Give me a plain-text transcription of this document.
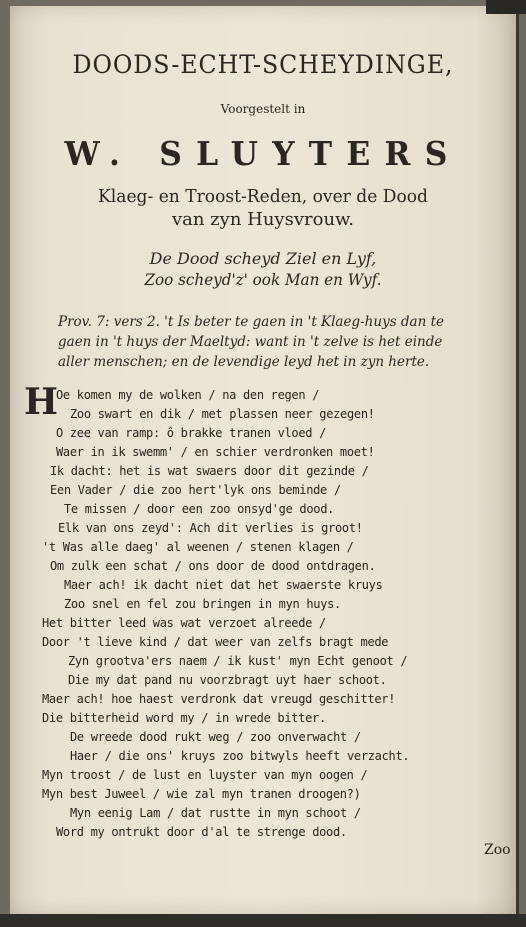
DOODS-ECHT-SCHEYDINGE,
Voorgestelt in
W. SLUYTERS
Klaeg- en Troost-Reden, over de Dood
van zyn Huysvrouw.
De Dood scheyd Ziel en Lyf,
Zoo scheyd'z' ook Man en Wyf.
Prov. 7: vers 2. 't Is beter te gaen in 't Klaeg-huys dan te
gaen in 't huys der Maeltyd: want in 't zelve is het einde
aller menschen; en de levendige leyd het in zyn herte.
H
Oe komen my de wolken / na den regen /
Zoo swart en dik / met plassen neer gezegen!
O zee van ramp: ô brakke tranen vloed /
Waer in ik swemm' / en schier verdronken moet!
Ik dacht: het is wat swaers door dit gezinde /
Een Vader / die zoo hert'lyk ons beminde /
Te missen / door een zoo onsyd'ge dood.
Elk van ons zeyd': Ach dit verlies is groot!
't Was alle daeg' al weenen / stenen klagen /
Om zulk een schat / ons door de dood ontdragen.
Maer ach! ik dacht niet dat het swaerste kruys
Zoo snel en fel zou bringen in myn huys.
Het bitter leed was wat verzoet alreede /
Door 't lieve kind / dat weer van zelfs bragt mede
Zyn grootva'ers naem / ik kust' myn Echt genoot /
Die my dat pand nu voorzbragt uyt haer schoot.
Maer ach! hoe haest verdronk dat vreugd geschitter!
Die bitterheid word my / in wrede bitter.
De wreede dood rukt weg / zoo onverwacht /
Haer / die ons' kruys zoo bitwyls heeft verzacht.
Myn troost / de lust en luyster van myn oogen /
Myn best Juweel / wie zal myn tranen droogen?)
Myn eenig Lam / dat rustte in myn schoot /
Word my ontrukt door d'al te strenge dood.
Zoo
